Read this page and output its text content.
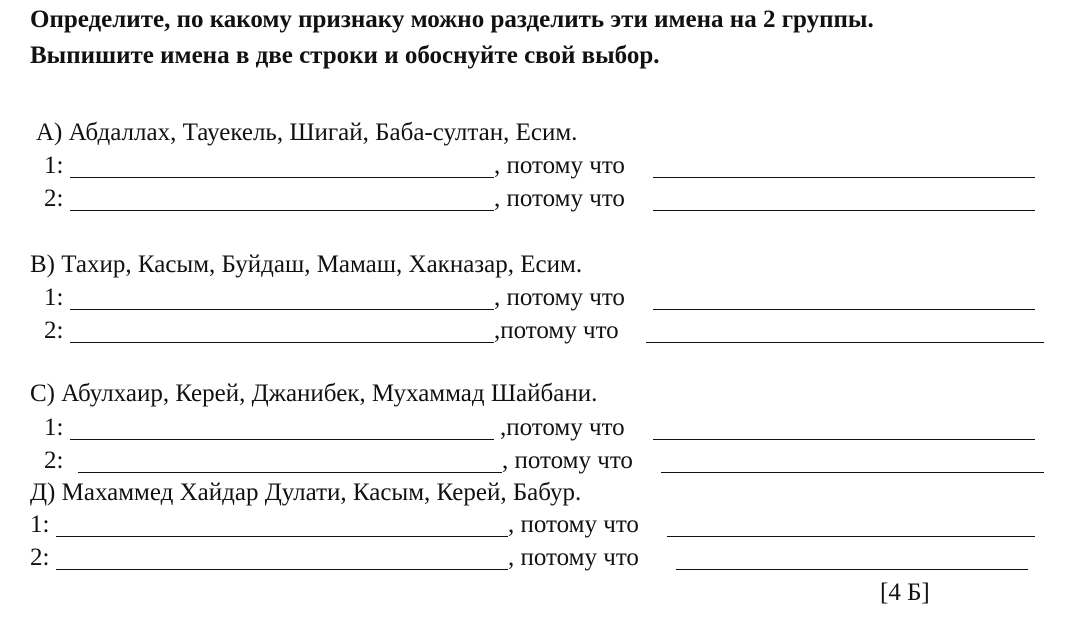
Определите, по какому признаку можно разделить эти имена на 2 группы.
Выпишите имена в две строки и обоснуйте свой выбор.
А) Абдаллах, Тауекель, Шигай, Баба-султан, Есим.
1:	, потому что
2:	, потому что
В) Тахир, Касым, Буйдаш, Мамаш, Хакназар, Есим.
1:	, потому что
2:	,потому что
С) Абулхаир, Керей, Джанибек, Мухаммад Шайбани.
1:	,потому что
2:	, потому что
Д) Махаммед Хайдар Дулати, Касым, Керей, Бабур.
1:	, потому что
2:	, потому что
[4 Б]
